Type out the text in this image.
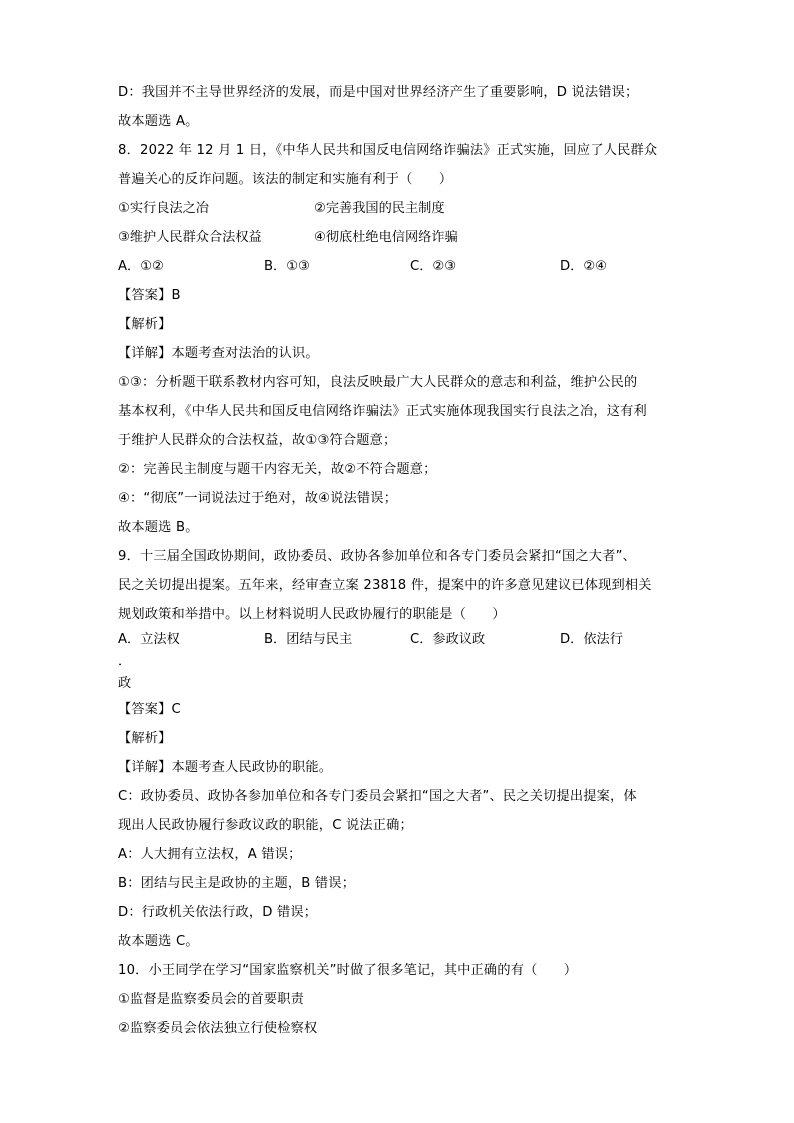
D：我国并不主导世界经济的发展，而是中国对世界经济产生了重要影响，D 说法错误；
故本题选 A。
8．2022 年 12 月 1 日，《中华人民共和国反电信网络诈骗法》正式实施，回应了人民群众
普遍关心的反诈问题。该法的制定和实施有利于（      ）
①实行良法之冶	②完善我国的民主制度
③维护人民群众合法权益	④彻底杜绝电信网络诈骗
A．①②	B．①③	C．②③	D．②④
【答案】B
【解析】
【详解】本题考查对法治的认识。
①③：分析题干联系教材内容可知，良法反映最广大人民群众的意志和利益，维护公民的
基本权利，《中华人民共和国反电信网络诈骗法》正式实施体现我国实行良法之冶，这有利
于维护人民群众的合法权益，故①③符合题意；
②：完善民主制度与题干内容无关，故②不符合题意；
④：“彻底”一词说法过于绝对，故④说法错误；
故本题选 B。
9．十三届全国政协期间，政协委员、政协各参加单位和各专门委员会紧扣“国之大者”、
民之关切提出提案。五年来，经审查立案 23818 件，提案中的许多意见建议已体现到相关
规划政策和举措中。以上材料说明人民政协履行的职能是（      ）
A．立法权	B．团结与民主	C．参政议政	D．依法行
．
政
【答案】C
【解析】
【详解】本题考查人民政协的职能。
C：政协委员、政协各参加单位和各专门委员会紧扣“国之大者”、民之关切提出提案，体
现出人民政协履行参政议政的职能，C 说法正确；
A：人大拥有立法权，A 错误；
B：团结与民主是政协的主题，B 错误；
D：行政机关依法行政，D 错误；
故本题选 C。
10．小王同学在学习“国家监察机关”时做了很多笔记，其中正确的有（      ）
①监督是监察委员会的首要职责
②监察委员会依法独立行使检察权
